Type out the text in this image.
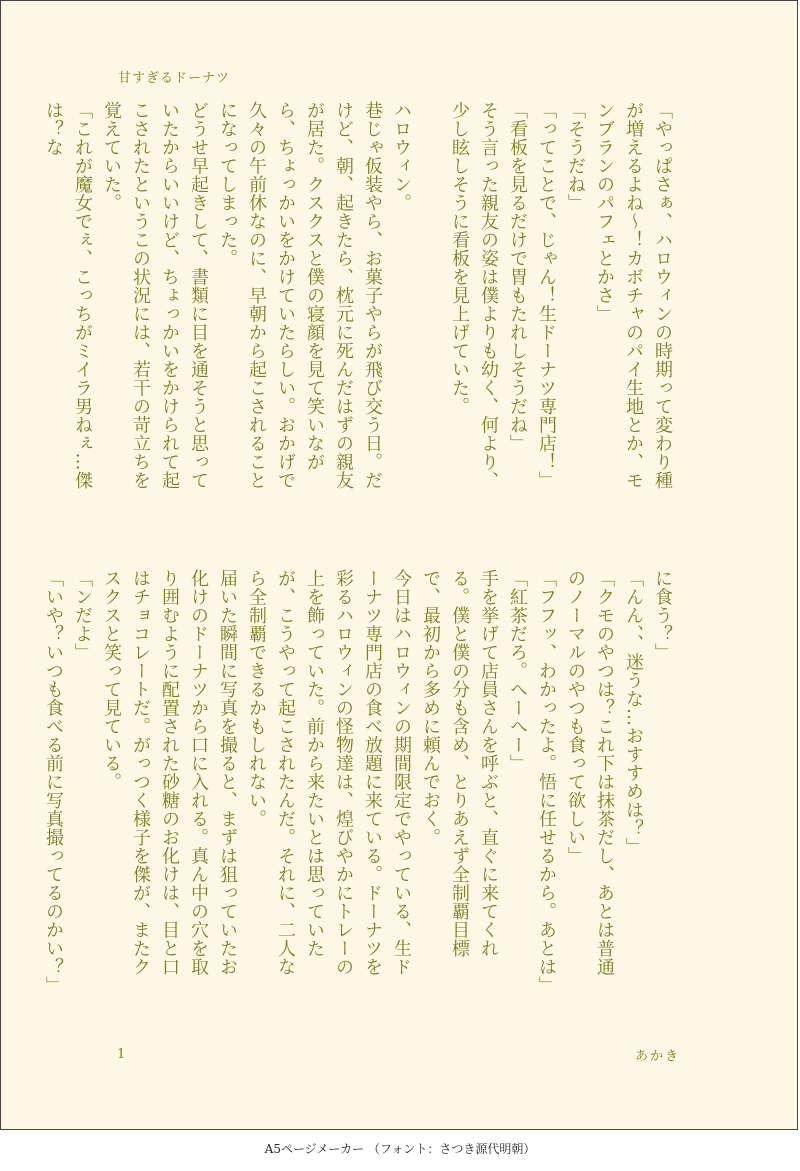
甘すぎるドーナツ

「やっぱさぁ、ハロウィンの時期って変わり種が増えるよね～！カボチャのパイ生地とか、モンブランのパフェとかさ」

「そうだね」

「ってことで、じゃん！生ドーナツ専門店！」

「看板を見るだけで胃もたれしそうだね」

そう言った親友の姿は僕よりも幼く、何より、少し眩しそうに看板を見上げていた。

ハロウィン。

巷じゃ仮装やら、お菓子やらが飛び交う日。だけど、朝、起きたら、枕元に死んだはずの親友が居た。クスクスと僕の寝顔を見て笑いながら、ちょっかいをかけていたらしい。おかげで久々の午前休なのに、早朝から起こされることになってしまった。

どうせ早起きして、書類に目を通そうと思っていたからいいけど、ちょっかいをかけられて起こされたというこの状況には、若干の苛立ちを覚えていた。

「これが魔女でぇ、こっちがミイラ男ねぇ…傑は？な

に食う？」

「んん、、迷うな…おすすめは？」

「クモのやつは？これ下は抹茶だし、あとは普通のノーマルのやつも食って欲しい」

「フフッ、わかったよ。悟に任せるから。あとは」

「紅茶だろ。へーへー」

手を挙げて店員さんを呼ぶと、直ぐに来てくれる。僕と僕の分も含め、とりあえず全制覇目標で、最初から多めに頼んでおく。

今日はハロウィンの期間限定でやっている、生ドーナツ専門店の食べ放題に来ている。ドーナツを彩るハロウィンの怪物達は、煌びやかにトレーの上を飾っていた。前から来たいとは思っていたが、こうやって起こされたんだ。それに、二人なら全制覇できるかもしれない。

届いた瞬間に写真を撮ると、まずは狙っていたお化けのドーナツから口に入れる。真ん中の穴を取り囲むように配置された砂糖のお化けは、目と口はチョコレートだ。がっつく様子を傑が、またクスクスと笑って見ている。

「ンだよ」

「いや？いつも食べる前に写真撮ってるのかい？」

1	あかき
A5ページメーカー （フォント：さつき源代明朝）
